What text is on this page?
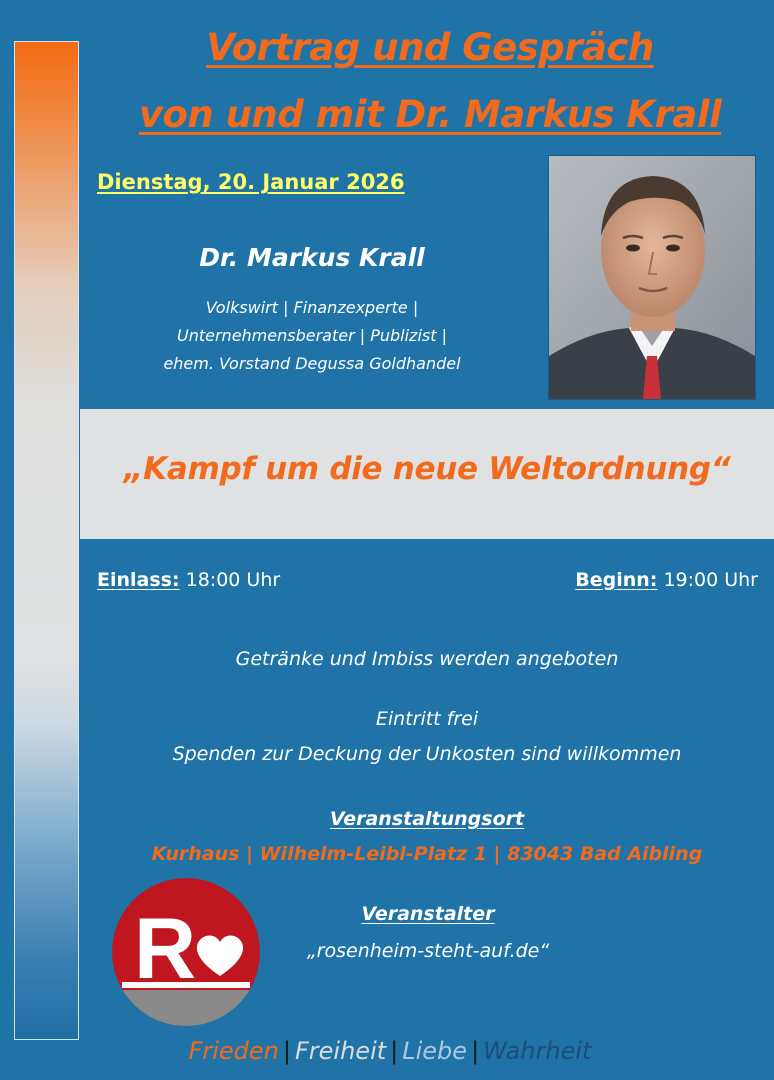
Vortrag und Gespräch
von und mit Dr. Markus Krall
Dienstag, 20. Januar 2026
Dr. Markus Krall
Volkswirt | Finanzexperte |
Unternehmensberater | Publizist |
ehem. Vorstand Degussa Goldhandel
„Kampf um die neue Weltordnung“
Einlass: 18:00 Uhr	Beginn: 19:00 Uhr
Getränke und Imbiss werden angeboten
Eintritt frei
Spenden zur Deckung der Unkosten sind willkommen
Veranstaltungsort
Kurhaus | Wilhelm-Leibl-Platz 1 | 83043 Bad Aibling
R	Veranstalter
„rosenheim-steht-auf.de“
Frieden | Freiheit | Liebe | Wahrheit
